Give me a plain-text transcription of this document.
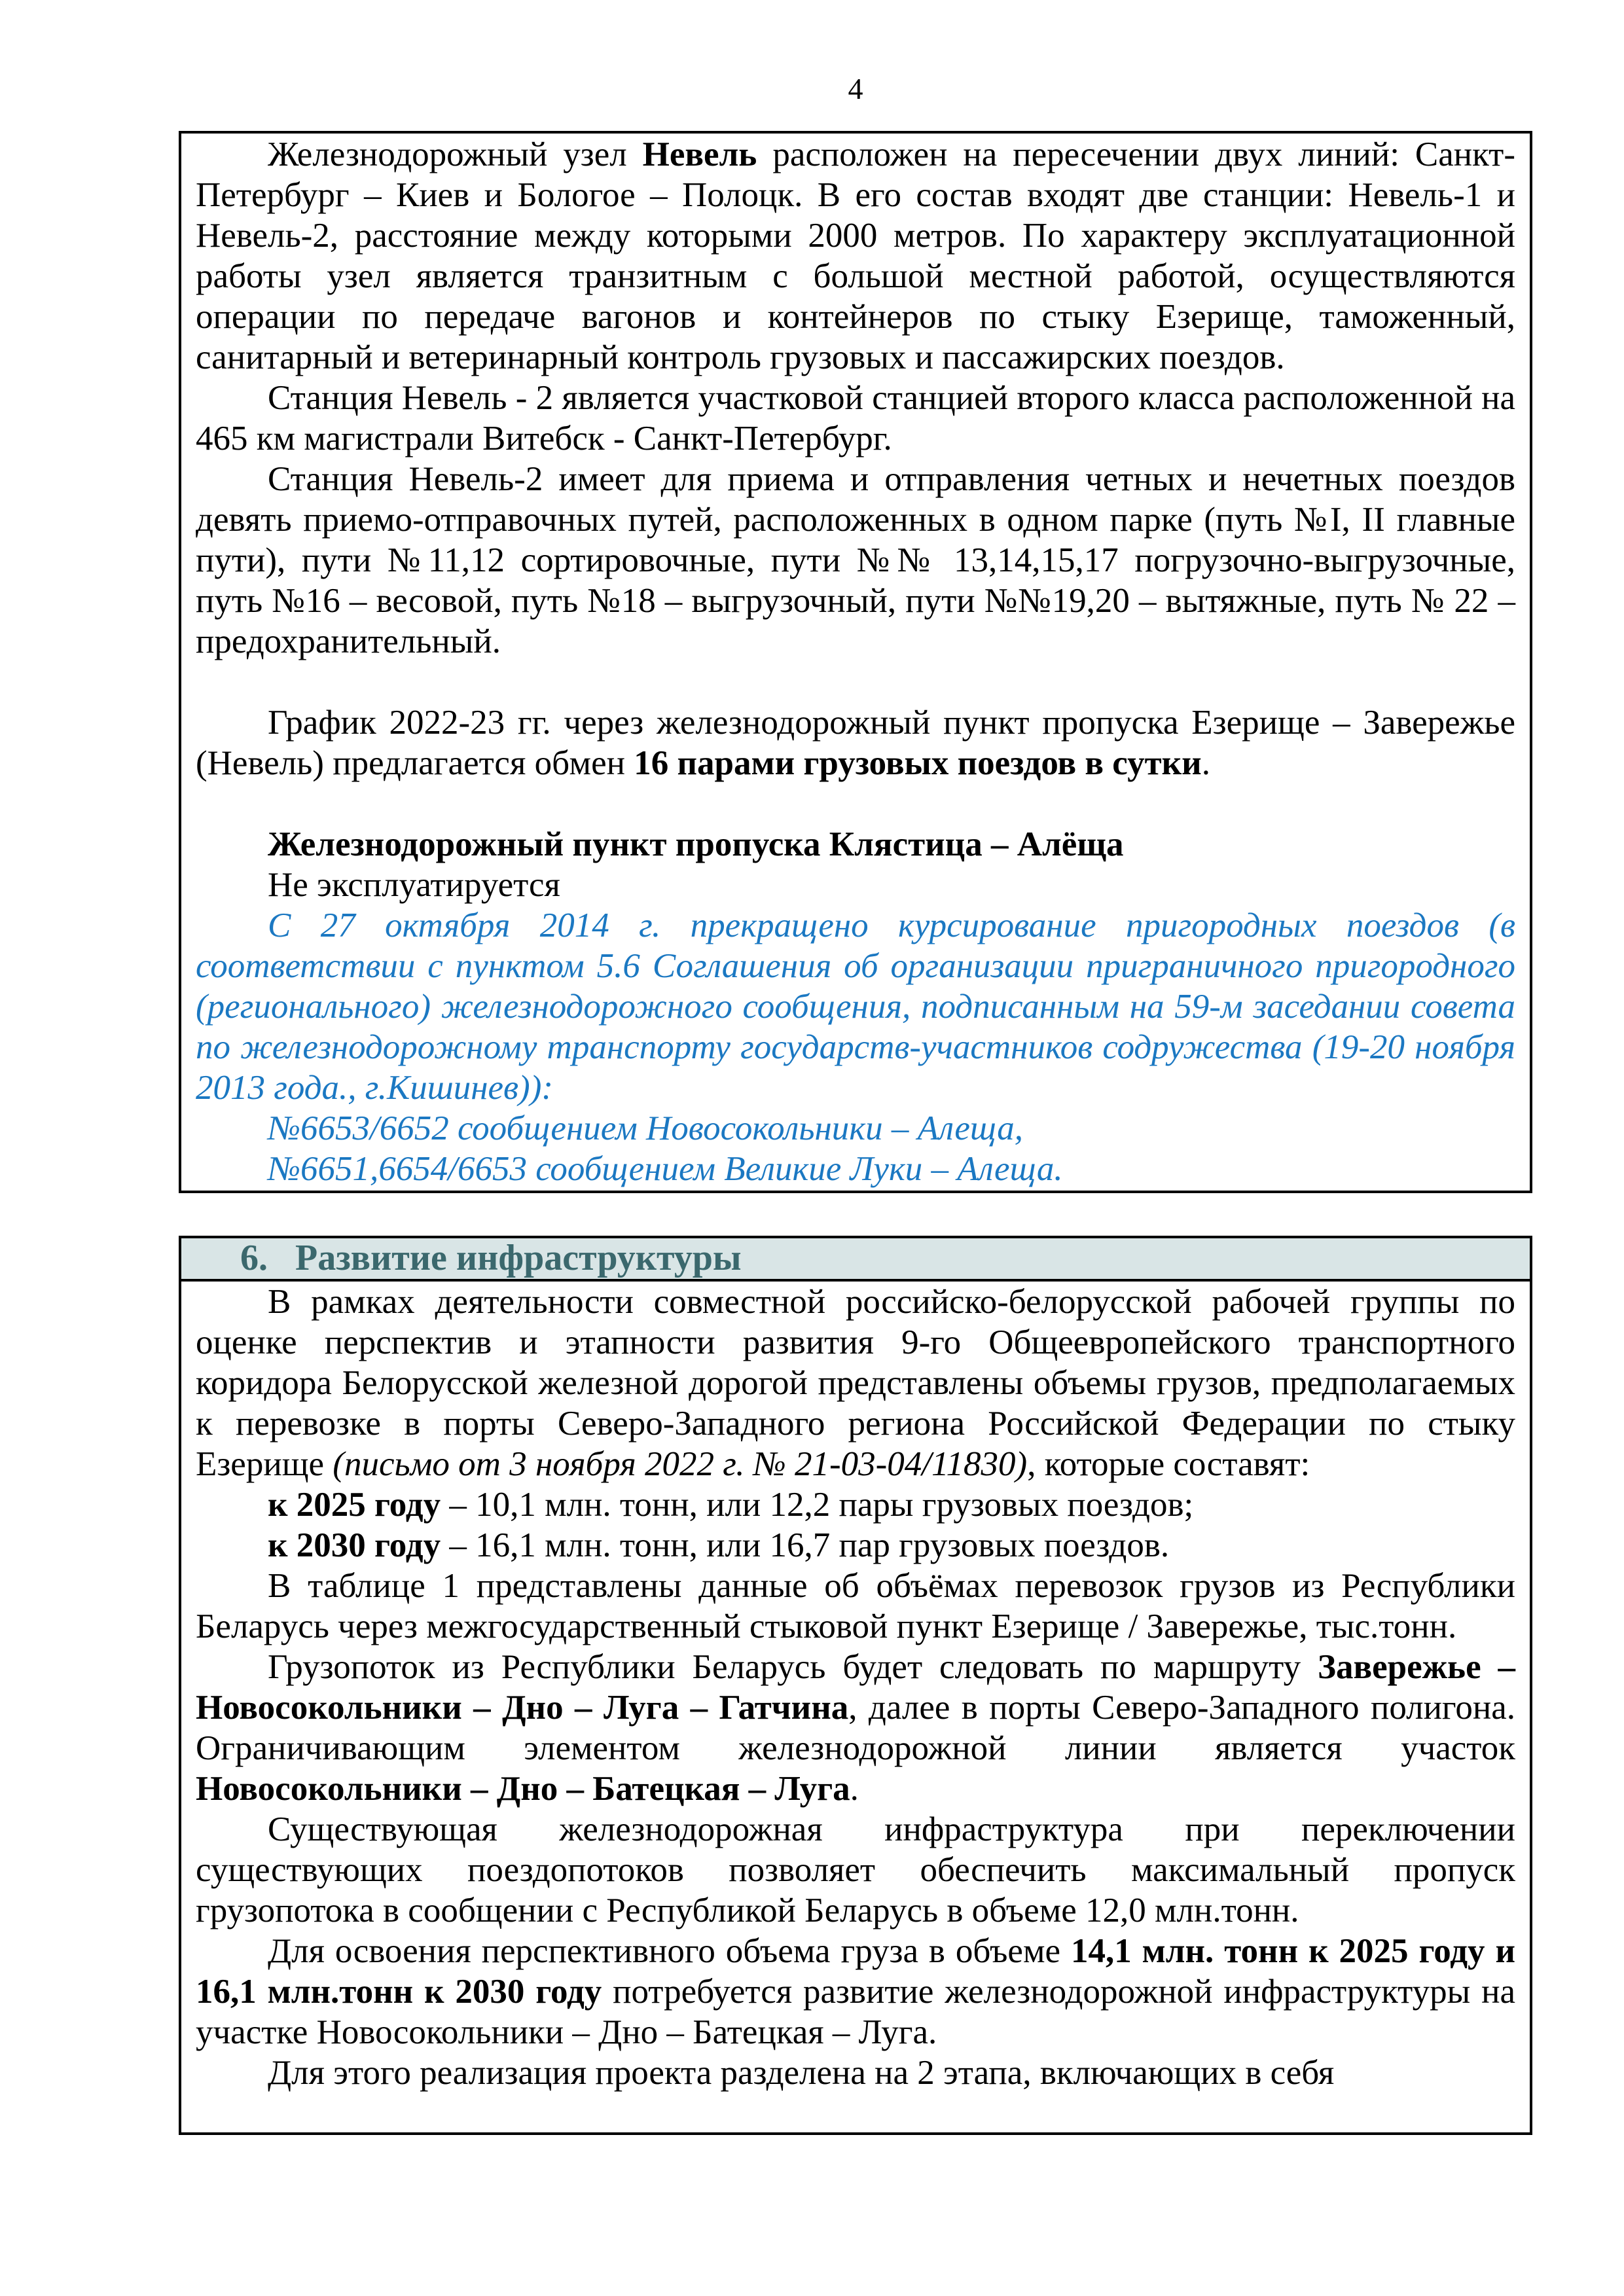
4

Железнодорожный узел Невель расположен на пересечении двух линий: Санкт-Петербург – Киев и Бологое – Полоцк. В его состав входят две станции: Невель-1 и Невель-2, расстояние между которыми 2000 метров. По характеру эксплуатационной работы узел является транзитным с большой местной работой, осуществляются операции по передаче вагонов и контейнеров по стыку Езерище, таможенный, санитарный и ветеринарный контроль грузовых и пассажирских поездов.

Станция Невель - 2 является участковой станцией второго класса расположенной на 465 км магистрали Витебск - Санкт-Петербург.

Станция Невель-2 имеет для приема и отправления четных и нечетных поездов девять приемо-отправочных путей, расположенных в одном парке (путь №I, II главные пути), пути №11,12 сортировочные, пути №№ 13,14,15,17 погрузочно-выгрузочные, путь №16 – весовой, путь №18 – выгрузочный, пути №№19,20 – вытяжные, путь № 22 – предохранительный.

График 2022-23 гг. через железнодорожный пункт пропуска Езерище – Завережье (Невель) предлагается обмен 16 парами грузовых поездов в сутки.

Железнодорожный пункт пропуска Клястица – Алёща

Не эксплуатируется

С 27 октября 2014 г. прекращено курсирование пригородных поездов (в соответствии с пунктом 5.6 Соглашения об организации приграничного пригородного (регионального) железнодорожного сообщения, подписанным на 59-м заседании совета по железнодорожному транспорту государств-участников содружества (19-20 ноября 2013 года., г.Кишинев)):

№6653/6652 сообщением Новосокольники – Алеща,

№6651,6654/6653 сообщением Великие Луки – Алеща.

6. Развитие инфраструктуры

В рамках деятельности совместной российско-белорусской рабочей группы по оценке перспектив и этапности развития 9-го Общеевропейского транспортного коридора Белорусской железной дорогой представлены объемы грузов, предполагаемых к перевозке в порты Северо-Западного региона Российской Федерации по стыку Езерище (письмо от 3 ноября 2022 г. № 21-03-04/11830), которые составят:

к 2025 году – 10,1 млн. тонн, или 12,2 пары грузовых поездов;

к 2030 году – 16,1 млн. тонн, или 16,7 пар грузовых поездов.

В таблице 1 представлены данные об объёмах перевозок грузов из Республики Беларусь через межгосударственный стыковой пункт Езерище / Завережье, тыс.тонн.

Грузопоток из Республики Беларусь будет следовать по маршруту Завережье – Новосокольники – Дно – Луга – Гатчина, далее в порты Северо-Западного полигона. Ограничивающим элементом железнодорожной линии является участок Новосокольники – Дно – Батецкая – Луга.

Существующая железнодорожная инфраструктура при переключении существующих поездопотоков позволяет обеспечить максимальный пропуск грузопотока в сообщении с Республикой Беларусь в объеме 12,0 млн.тонн.

Для освоения перспективного объема груза в объеме 14,1 млн. тонн к 2025 году и 16,1 млн.тонн к 2030 году потребуется развитие железнодорожной инфраструктуры на участке Новосокольники – Дно – Батецкая – Луга.

Для этого реализация проекта разделена на 2 этапа, включающих в себя
